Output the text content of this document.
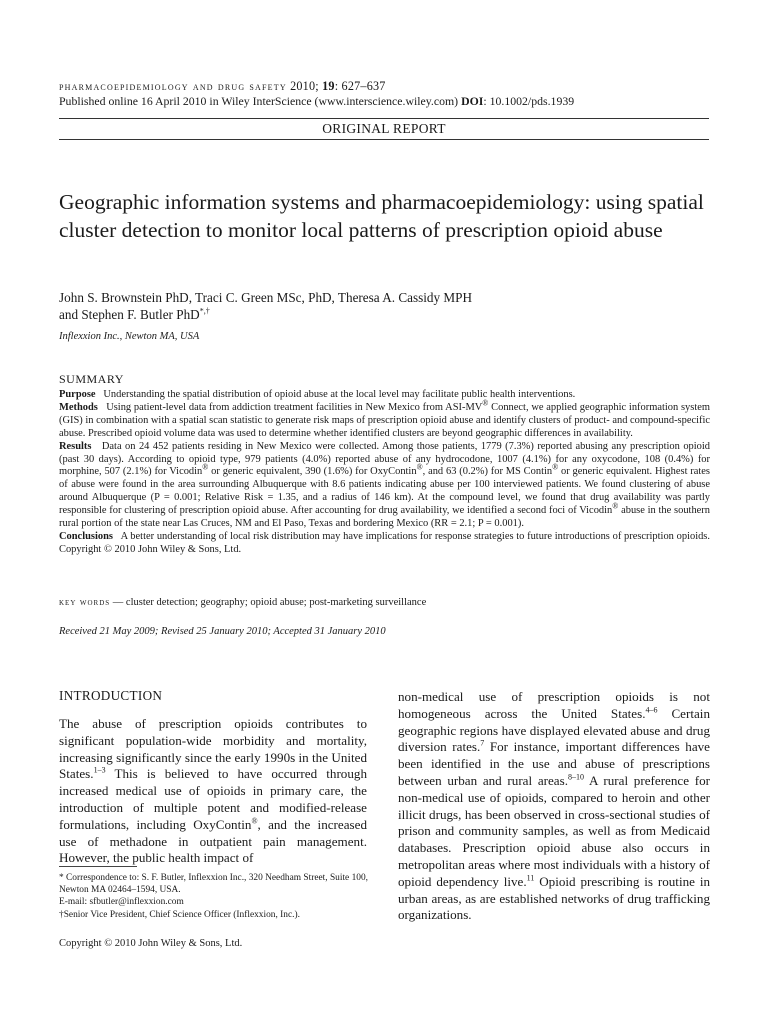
pharmacoepidemiology and drug safety 2010; 19: 627–637
Published online 16 April 2010 in Wiley InterScience (www.interscience.wiley.com) DOI: 10.1002/pds.1939
ORIGINAL REPORT
Geographic information systems and pharmacoepidemiology: using spatial cluster detection to monitor local patterns of prescription opioid abuse
John S. Brownstein PhD, Traci C. Green MSc, PhD, Theresa A. Cassidy MPH
and Stephen F. Butler PhD*,†
Inflexxion Inc., Newton MA, USA
SUMMARY

Purpose Understanding the spatial distribution of opioid abuse at the local level may facilitate public health interventions.

Methods Using patient-level data from addiction treatment facilities in New Mexico from ASI-MV® Connect, we applied geographic information system (GIS) in combination with a spatial scan statistic to generate risk maps of prescription opioid abuse and identify clusters of product- and compound-specific abuse. Prescribed opioid volume data was used to determine whether identified clusters are beyond geographic differences in availability.

Results Data on 24 452 patients residing in New Mexico were collected. Among those patients, 1779 (7.3%) reported abusing any prescription opioid (past 30 days). According to opioid type, 979 patients (4.0%) reported abuse of any hydrocodone, 1007 (4.1%) for any oxycodone, 108 (0.4%) for morphine, 507 (2.1%) for Vicodin® or generic equivalent, 390 (1.6%) for OxyContin®, and 63 (0.2%) for MS Contin® or generic equivalent. Highest rates of abuse were found in the area surrounding Albuquerque with 8.6 patients indicating abuse per 100 interviewed patients. We found clustering of abuse around Albuquerque (P = 0.001; Relative Risk = 1.35, and a radius of 146 km). At the compound level, we found that drug availability was partly responsible for clustering of prescription opioid abuse. After accounting for drug availability, we identified a second foci of Vicodin® abuse in the southern rural portion of the state near Las Cruces, NM and El Paso, Texas and bordering Mexico (RR = 2.1; P = 0.001).

Conclusions A better understanding of local risk distribution may have implications for response strategies to future introductions of prescription opioids. Copyright © 2010 John Wiley & Sons, Ltd.

key words — cluster detection; geography; opioid abuse; post-marketing surveillance
Received 21 May 2009; Revised 25 January 2010; Accepted 31 January 2010
INTRODUCTION

The abuse of prescription opioids contributes to significant population-wide morbidity and mortality, increasing significantly since the early 1990s in the United States.$^{1-3}$ This is believed to have occurred through increased medical use of opioids in primary care, the introduction of multiple potent and modified-release formulations, including OxyContin®, and the increased use of methadone in outpatient pain management. However, the public health impact of

non-medical use of prescription opioids is not homogeneous across the United States.$^{4-6}$ Certain geographic regions have displayed elevated abuse and drug diversion rates.$^7$ For instance, important differences have been identified in the use and abuse of prescriptions between urban and rural areas.$^{8-10}$ A rural preference for non-medical use of opioids, compared to heroin and other illicit drugs, has been observed in cross-sectional studies of prison and community samples, as well as from Medicaid databases. Prescription opioid abuse also occurs in metropolitan areas where most individuals with a history of opioid dependency live.$^{11}$ Opioid prescribing is routine in urban areas, as are established networks of drug trafficking organizations.

* Correspondence to: S. F. Butler, Inflexxion Inc., 320 Needham Street, Suite 100, Newton MA 02464–1594, USA.

E-mail: sfbutler@inflexxion.com

†Senior Vice President, Chief Science Officer (Inflexxion, Inc.).

Copyright © 2010 John Wiley & Sons, Ltd.
